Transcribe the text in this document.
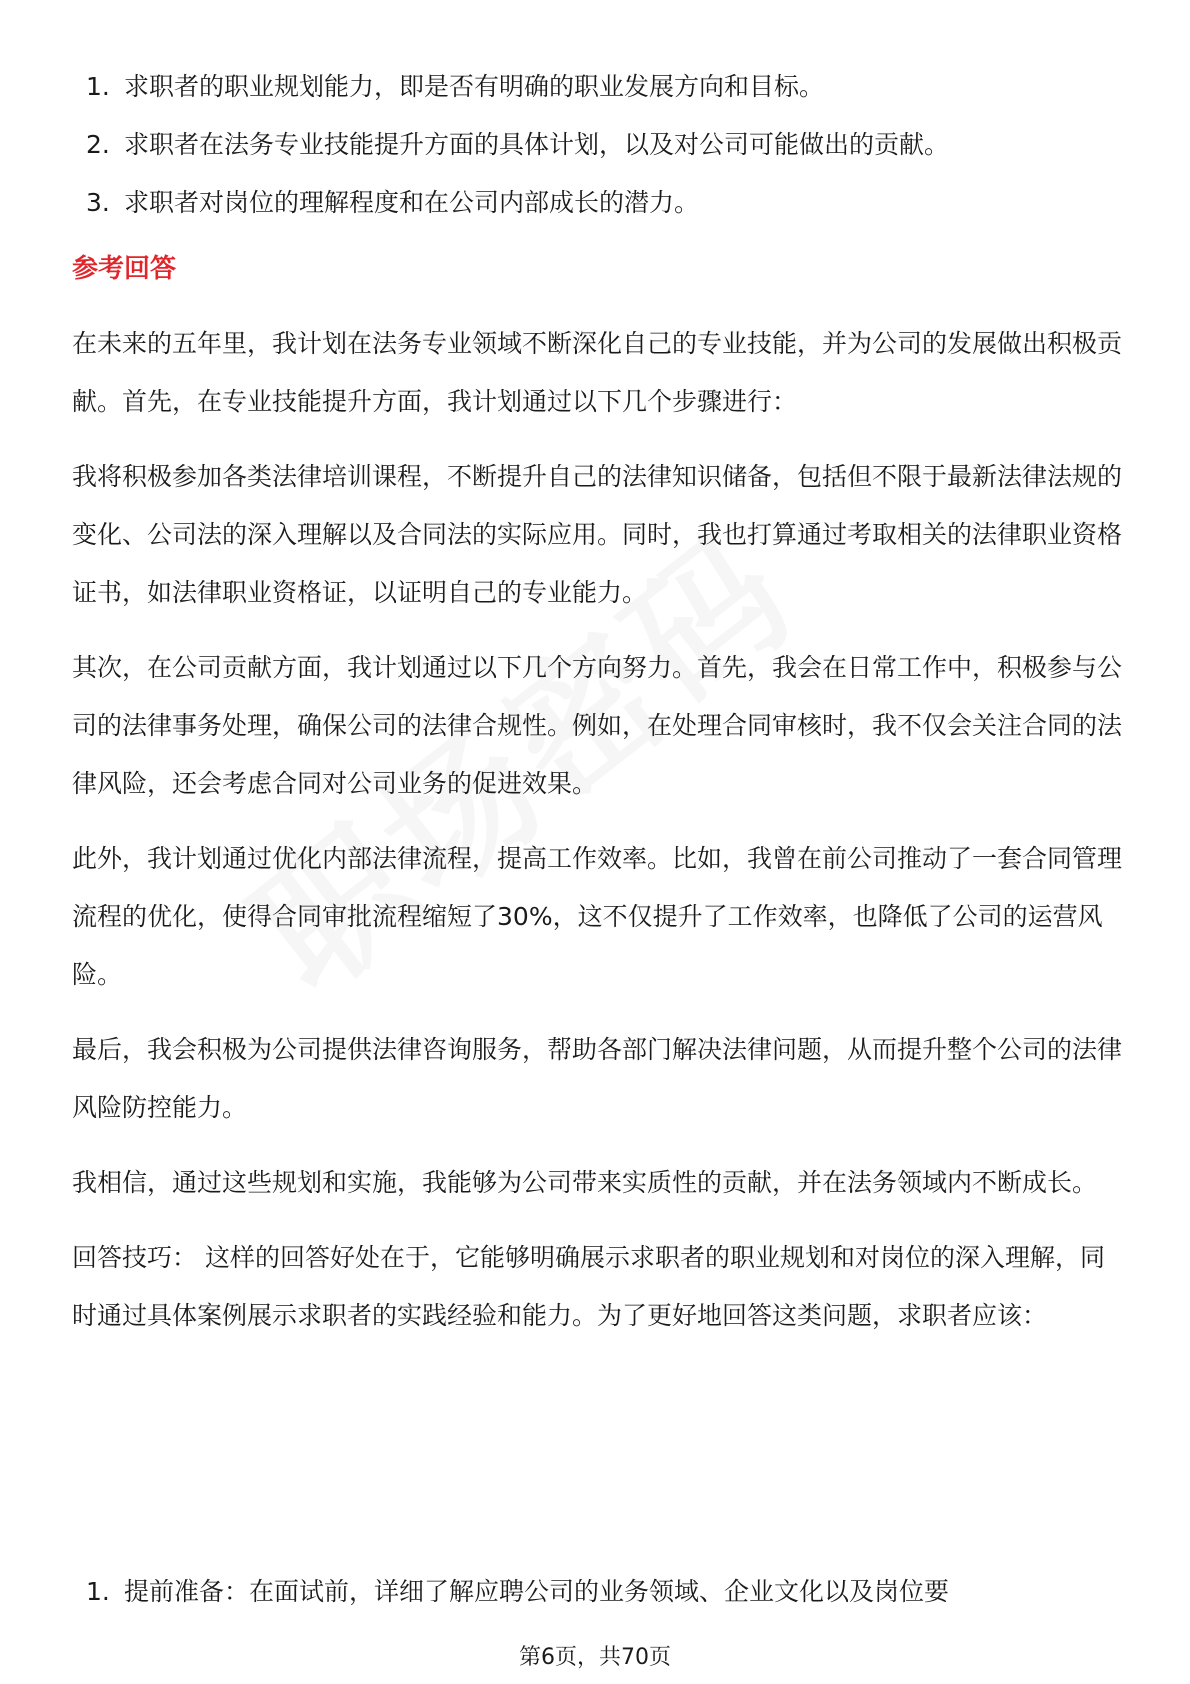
1. 求职者的职业规划能力，即是否有明确的职业发展方向和目标。
2. 求职者在法务专业技能提升方面的具体计划，以及对公司可能做出的贡献。
3. 求职者对岗位的理解程度和在公司内部成长的潜力。
参考回答

在未来的五年里，我计划在法务专业领域不断深化自己的专业技能，并为公司的发展做出积极贡献。首先，在专业技能提升方面，我计划通过以下几个步骤进行：

我将积极参加各类法律培训课程，不断提升自己的法律知识储备，包括但不限于最新法律法规的变化、公司法的深入理解以及合同法的实际应用。同时，我也打算通过考取相关的法律职业资格证书，如法律职业资格证，以证明自己的专业能力。

其次，在公司贡献方面，我计划通过以下几个方向努力。首先，我会在日常工作中，积极参与公司的法律事务处理，确保公司的法律合规性。例如，在处理合同审核时，我不仅会关注合同的法律风险，还会考虑合同对公司业务的促进效果。

此外，我计划通过优化内部法律流程，提高工作效率。比如，我曾在前公司推动了一套合同管理流程的优化，使得合同审批流程缩短了30%，这不仅提升了工作效率，也降低了公司的运营风险。

最后，我会积极为公司提供法律咨询服务，帮助各部门解决法律问题，从而提升整个公司的法律风险防控能力。

我相信，通过这些规划和实施，我能够为公司带来实质性的贡献，并在法务领域内不断成长。

回答技巧： 这样的回答好处在于，它能够明确展示求职者的职业规划和对岗位的深入理解，同时通过具体案例展示求职者的实践经验和能力。为了更好地回答这类问题，求职者应该：

1. 提前准备：在面试前，详细了解应聘公司的业务领域、企业文化以及岗位要
第6页，共70页
